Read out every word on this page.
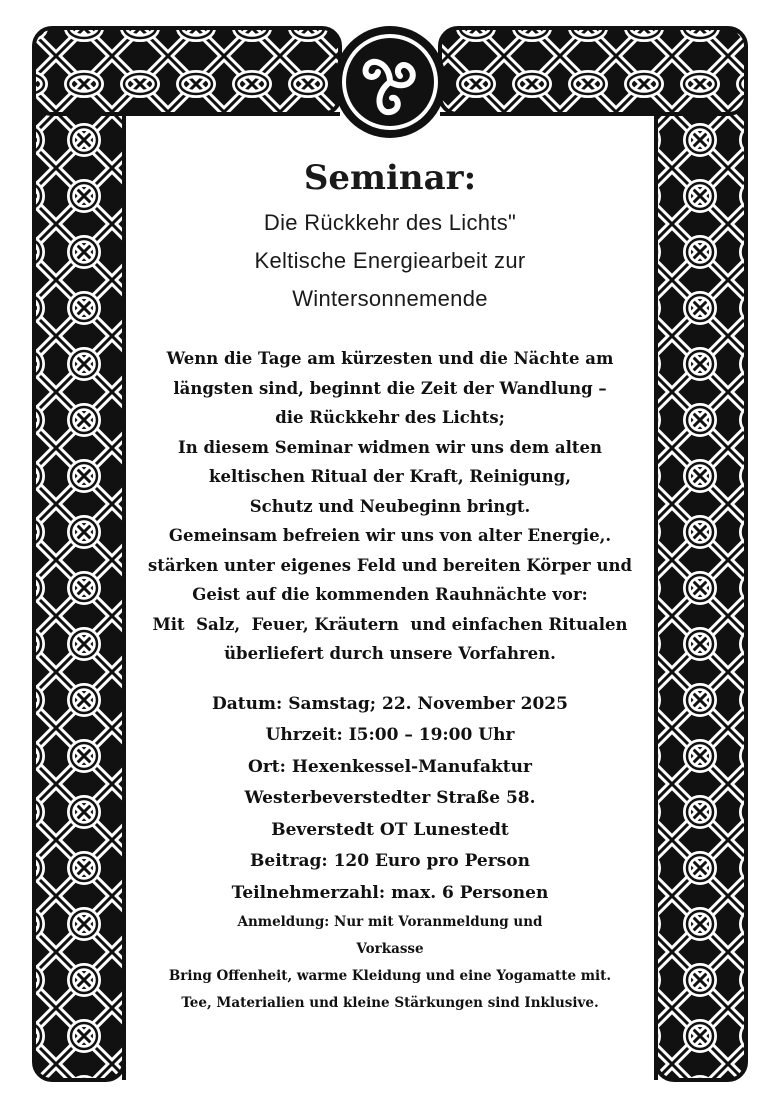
Seminar:
Die Rückkehr des Lichts"
Keltische Energiearbeit zur
Wintersonnemende
Wenn die Tage am kürzesten und die Nächte am
längsten sind, beginnt die Zeit der Wandlung –
die Rückkehr des Lichts;
In diesem Seminar widmen wir uns dem alten
keltischen Ritual der Kraft, Reinigung,
Schutz und Neubeginn bringt.
Gemeinsam befreien wir uns von alter Energie,.
stärken unter eigenes Feld und bereiten Körper und
Geist auf die kommenden Rauhnächte vor:
Mit  Salz,  Feuer, Kräutern  und einfachen Ritualen
überliefert durch unsere Vorfahren.
Datum: Samstag; 22. November 2025
Uhrzeit: I5:00 – 19:00 Uhr
Ort: Hexenkessel-Manufaktur
Westerbeverstedter Straße 58.
Beverstedt OT Lunestedt
Beitrag: 120 Euro pro Person
Teilnehmerzahl: max. 6 Personen
Anmeldung: Nur mit Voranmeldung und
Vorkasse
Bring Offenheit, warme Kleidung und eine Yogamatte mit.
Tee, Materialien und kleine Stärkungen sind Inklusive.
